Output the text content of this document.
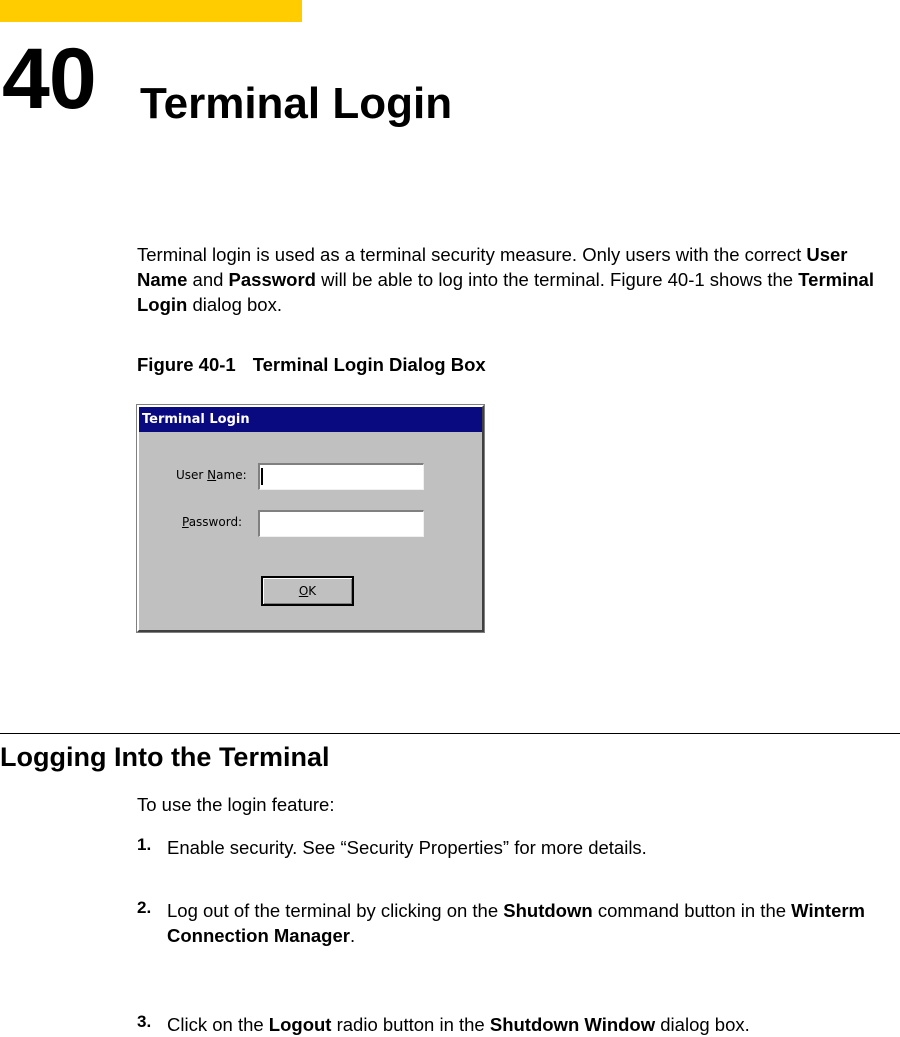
40 Terminal Login
Terminal login is used as a terminal security measure. Only users with the correct User Name and Password will be able to log into the terminal. Figure 40-1 shows the Terminal Login dialog box.
Figure 40-1 Terminal Login Dialog Box
Terminal Login
User Name:
Password:
OK
Logging Into the Terminal
To use the login feature:
1. Enable security. See “Security Properties” for more details.
2. Log out of the terminal by clicking on the Shutdown command button in the Winterm Connection Manager.
3. Click on the Logout radio button in the Shutdown Window dialog box.
